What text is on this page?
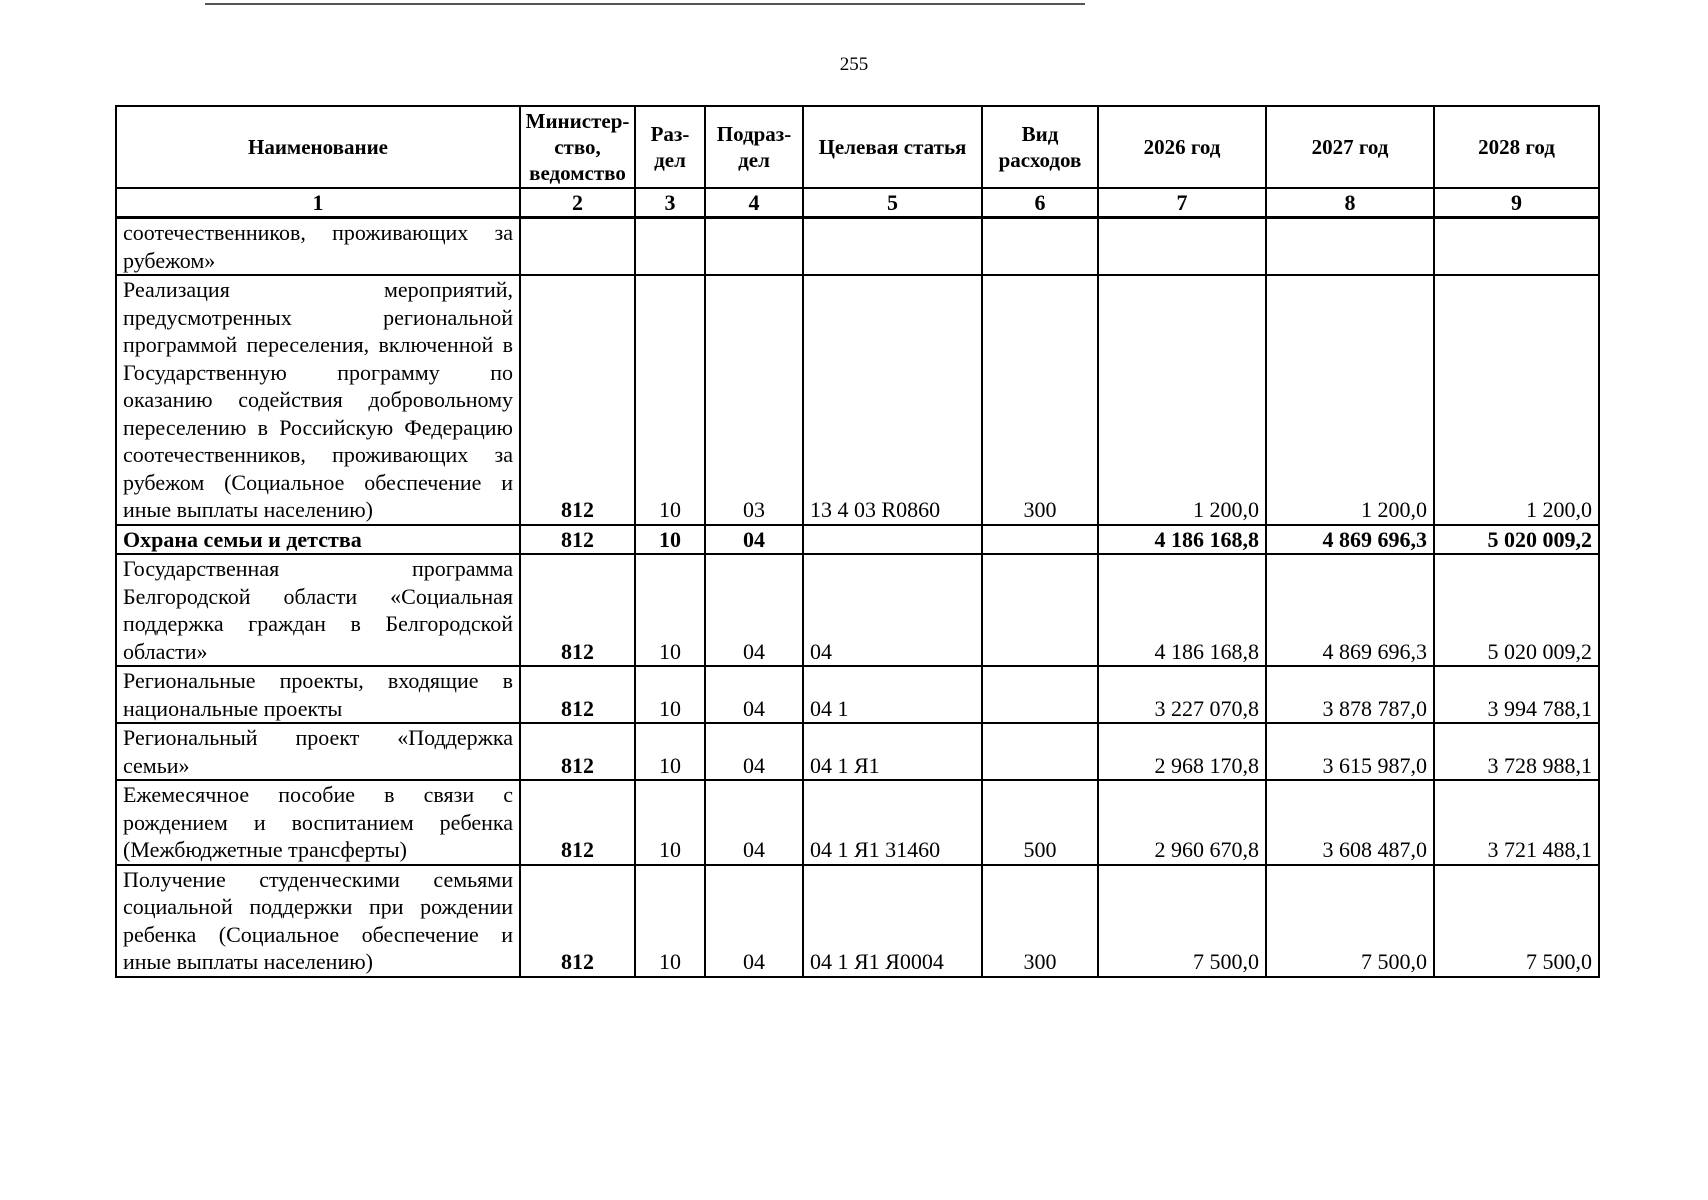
255
Наименование	Министер-ство, ведомство	Раз-дел	Подраз-дел	Целевая статья	Вид расходов	2026 год	2027 год	2028 год
1	2	3	4	5	6	7	8	9
соотечественников, проживающих за рубежом»								
Реализация мероприятий, предусмотренных региональной программой переселения, включенной в Государственную программу по оказанию содействия добровольному переселению в Российскую Федерацию соотечественников, проживающих за рубежом (Социальное обеспечение и иные выплаты населению)	812	10	03	13 4 03 R0860	300	1 200,0	1 200,0	1 200,0
Охрана семьи и детства	812	10	04			4 186 168,8	4 869 696,3	5 020 009,2
Государственная программа Белгородской области «Социальная поддержка граждан в Белгородской области»	812	10	04	04		4 186 168,8	4 869 696,3	5 020 009,2
Региональные проекты, входящие в национальные проекты	812	10	04	04 1		3 227 070,8	3 878 787,0	3 994 788,1
Региональный проект «Поддержка семьи»	812	10	04	04 1 Я1		2 968 170,8	3 615 987,0	3 728 988,1
Ежемесячное пособие в связи с рождением и воспитанием ребенка (Межбюджетные трансферты)	812	10	04	04 1 Я1 31460	500	2 960 670,8	3 608 487,0	3 721 488,1
Получение студенческими семьями социальной поддержки при рождении ребенка (Социальное обеспечение и иные выплаты населению)	812	10	04	04 1 Я1 Я0004	300	7 500,0	7 500,0	7 500,0
